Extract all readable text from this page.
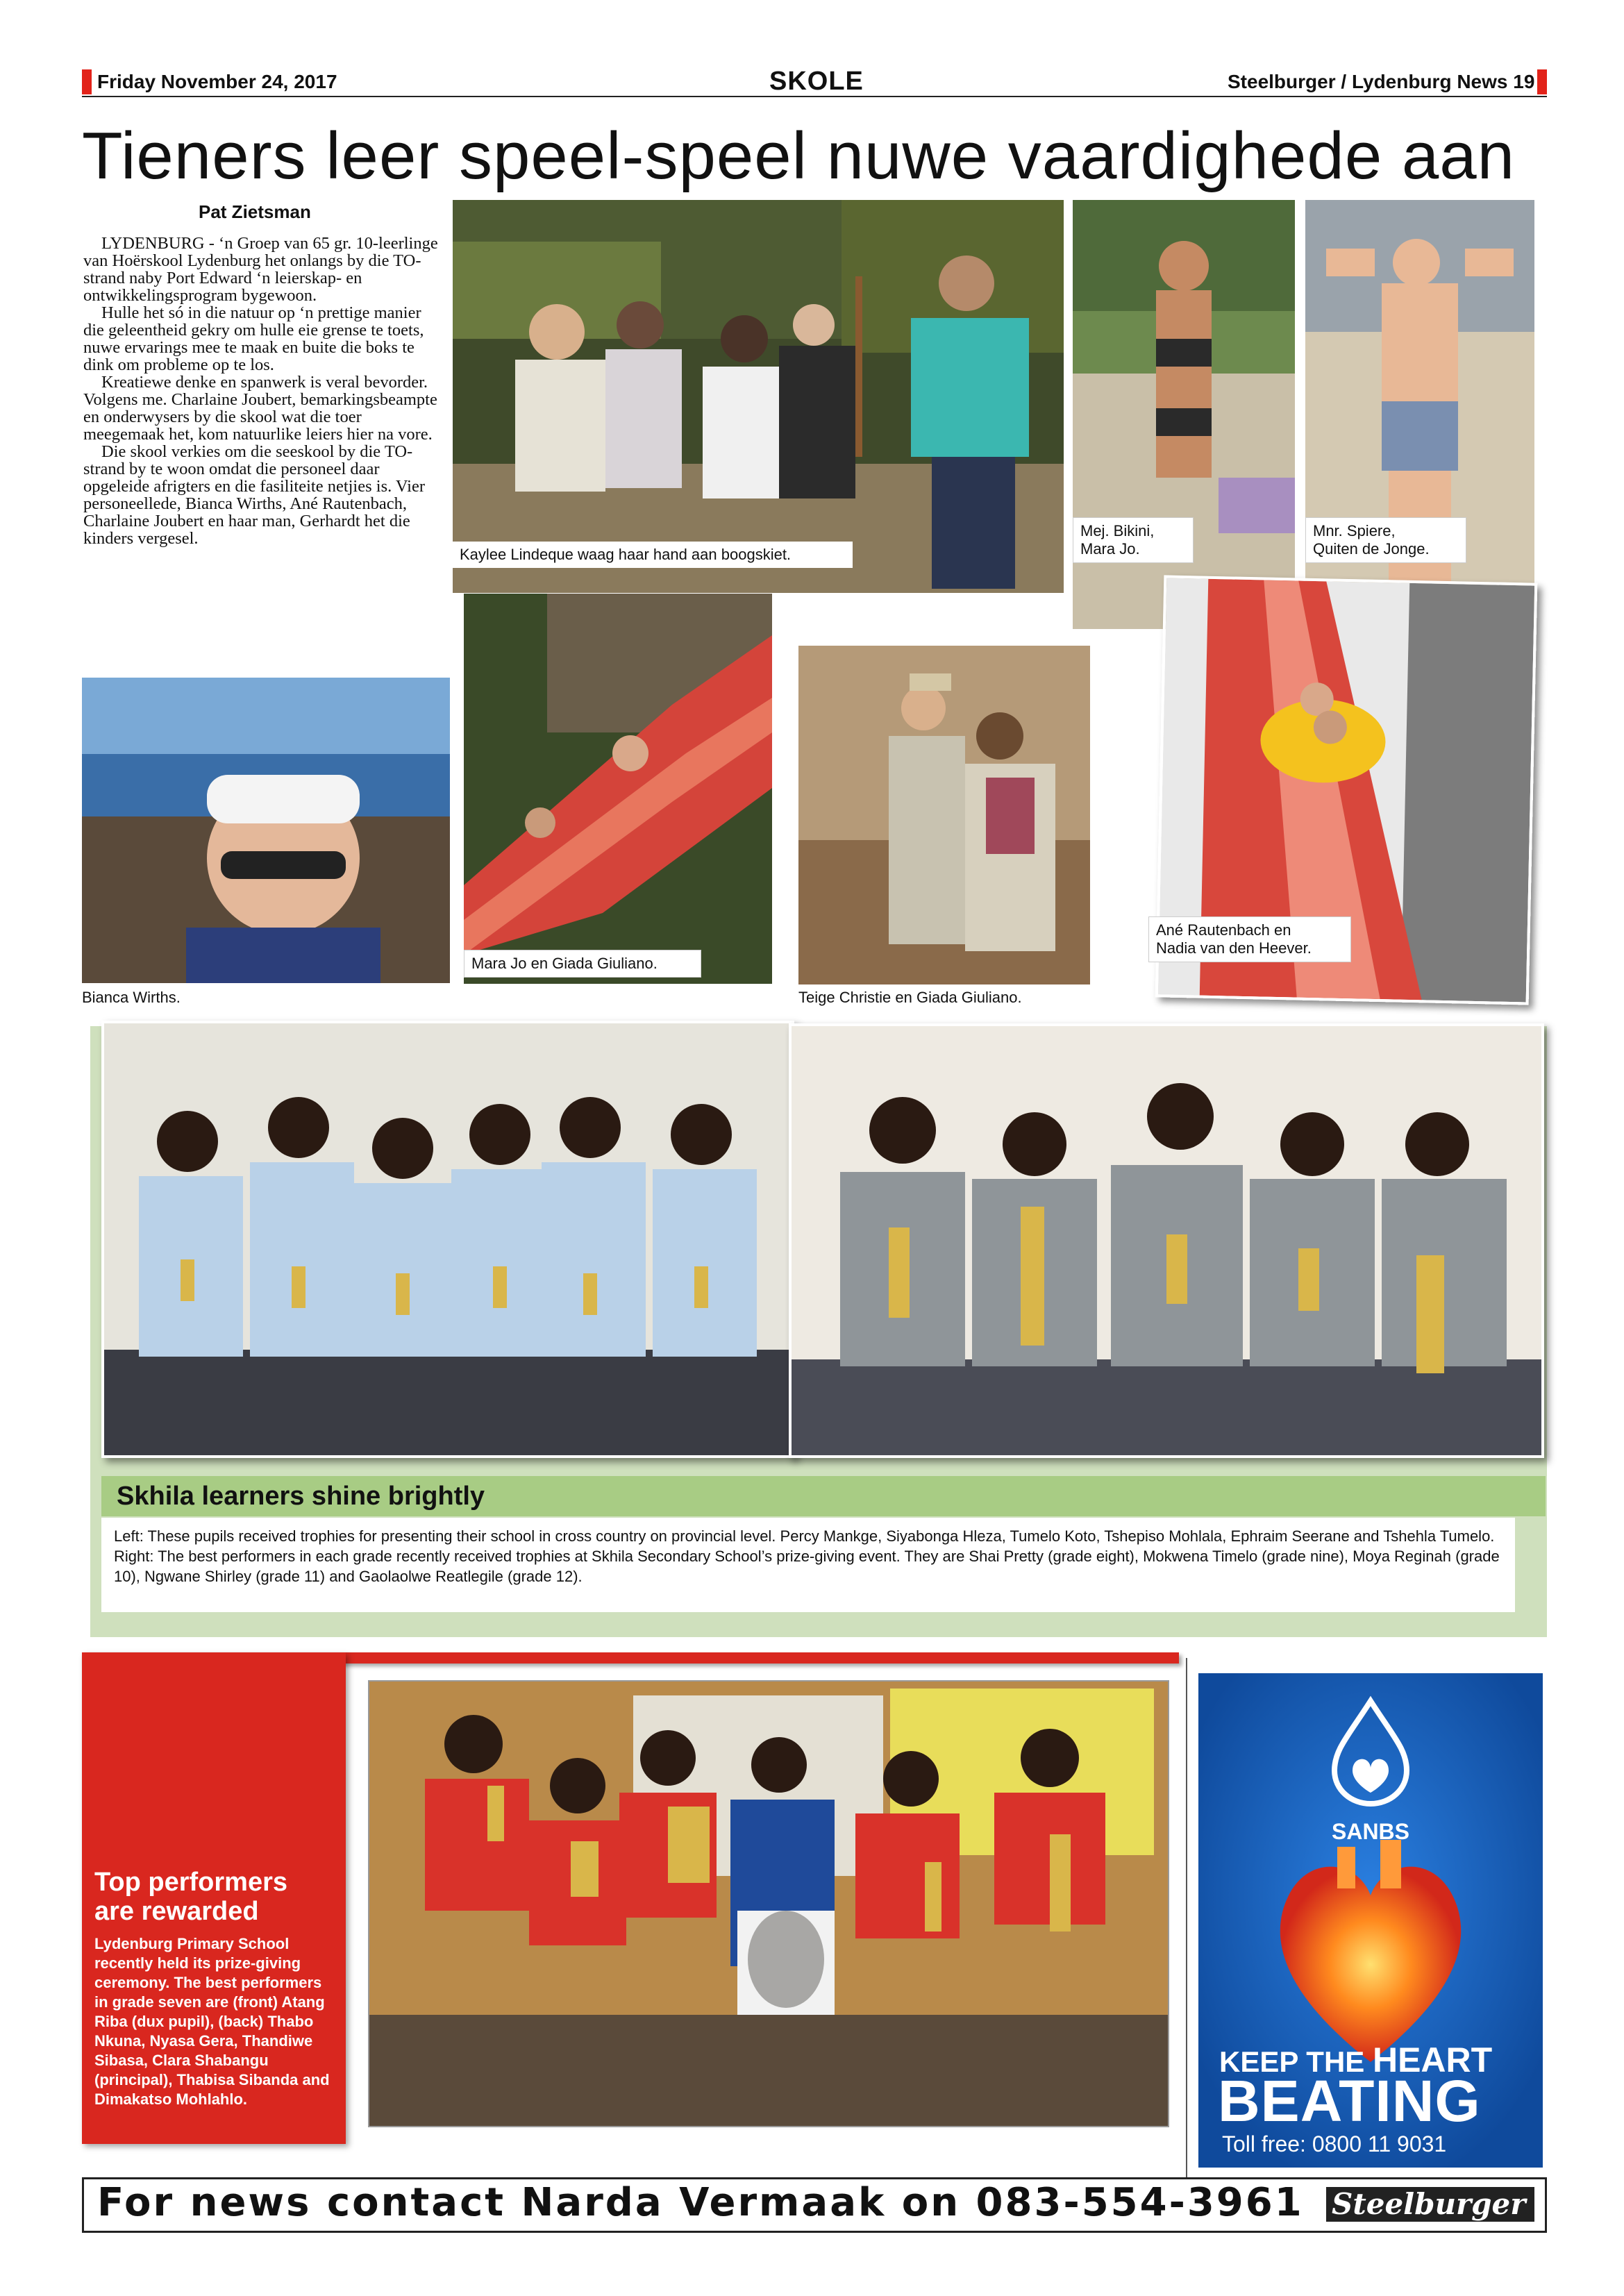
Friday November 24, 2017	SKOLE	Steelburger / Lydenburg News 19
Tieners leer speel-speel nuwe vaardighede aan
Pat Zietsman

LYDENBURG - ‘n Groep van 65 gr. 10-leerlinge van Hoërskool Lydenburg het onlangs by die TO-strand naby Port Edward ‘n leierskap- en ontwikkelingsprogram bygewoon.

Hulle het só in die natuur op ‘n prettige manier die geleentheid gekry om hulle eie grense te toets, nuwe ervarings mee te maak en buite die boks te dink om probleme op te los.

Kreatiewe denke en spanwerk is veral bevorder. Volgens me. Charlaine Joubert, bemarkingsbeampte en onderwysers by die skool wat die toer meegemaak het, kom natuurlike leiers hier na vore.

Die skool verkies om die seeskool by die TO-strand by te woon omdat die personeel daar opgeleide afrigters en die fasiliteite netjies is. Vier personeellede, Bianca Wirths, Ané Rautenbach, Charlaine Joubert en haar man, Gerhardt het die kinders vergesel.

Kaylee Lindeque waag haar hand aan boogskiet.
Mej. Bikini,
Mara Jo.
Mnr. Spiere,
Quiten de Jonge.
Bianca Wirths.
Mara Jo en Giada Giuliano.
Teige Christie en Giada Giuliano.
Ané Rautenbach en
Nadia van den Heever.
Skhila learners shine brightly
Left: These pupils received trophies for presenting their school in cross country on provincial level. Percy Mankge, Siyabonga Hleza, Tumelo Koto, Tshepiso Mohlala, Ephraim Seerane and Tshehla Tumelo. Right: The best performers in each grade recently received trophies at Skhila Secondary School’s prize-giving event. They are Shai Pretty (grade eight), Mokwena Timelo (grade nine), Moya Reginah (grade 10), Ngwane Shirley (grade 11) and Gaolaolwe Reatlegile (grade 12).
Top performers
are rewarded
Lydenburg Primary School recently held its prize-giving ceremony. The best performers in grade seven are (front) Atang Riba (dux pupil), (back) Thabo Nkuna, Nyasa Gera, Thandiwe Sibasa, Clara Shabangu (principal), Thabisa Sibanda and Dimakatso Mohlahlo.
SANBS
KEEP THE HEART
BEATING
Toll free: 0800 11 9031
For news contact Narda Vermaak on 083-554-3961 Steelburger
